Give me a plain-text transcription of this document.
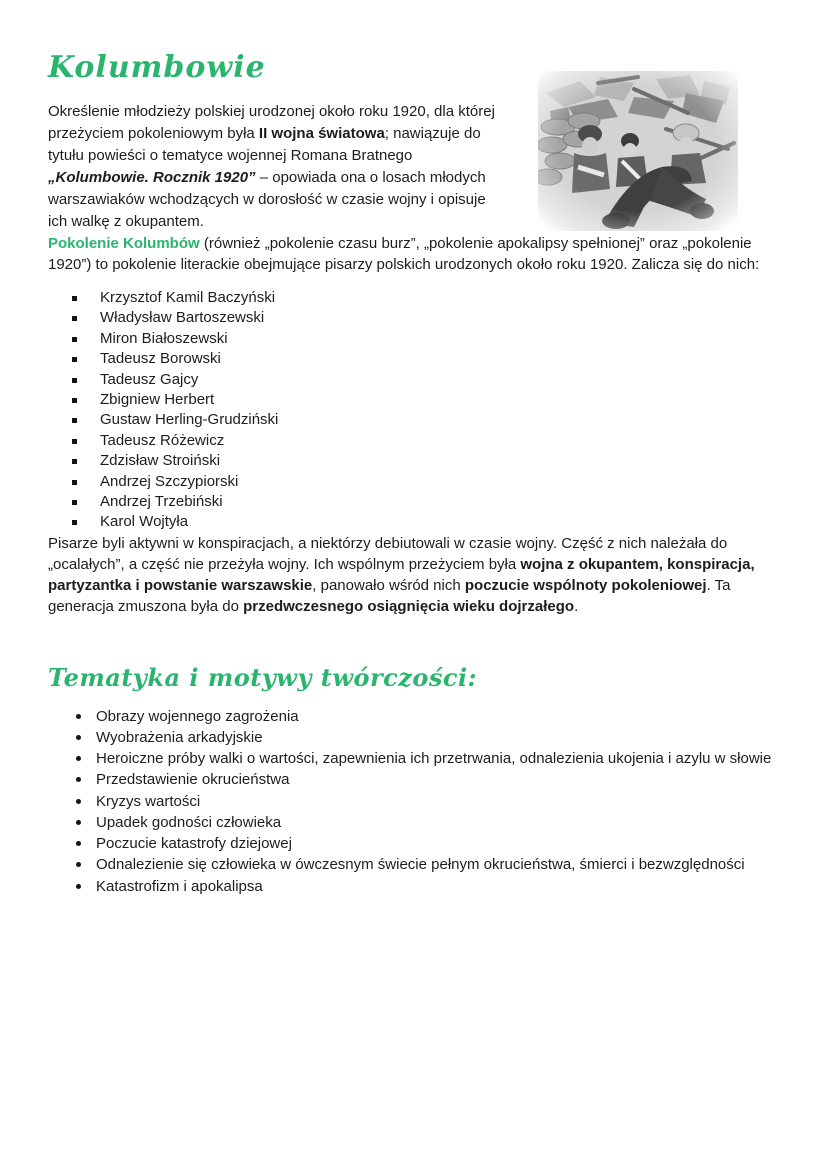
Kolumbowie

Określenie młodzieży polskiej urodzonej około roku 1920, dla której przeżyciem pokoleniowym była II wojna światowa; nawiązuje do tytułu powieści o tematyce wojennej Romana Bratnego „Kolumbowie. Rocznik 1920” – opowiada ona o losach młodych warszawiaków wchodzących w dorosłość w czasie wojny i opisuje ich walkę z okupantem.

Pokolenie Kolumbów (również „pokolenie czasu burz”, „pokolenie apokalipsy spełnionej” oraz „pokolenie 1920”) to pokolenie literackie obejmujące pisarzy polskich urodzonych około roku 1920. Zalicza się do nich:

Krzysztof Kamil Baczyński
Władysław Bartoszewski
Miron Białoszewski
Tadeusz Borowski
Tadeusz Gajcy
Zbigniew Herbert
Gustaw Herling-Grudziński
Tadeusz Różewicz
Zdzisław Stroiński
Andrzej Szczypiorski
Andrzej Trzebiński
Karol Wojtyła

Pisarze byli aktywni w konspiracjach, a niektórzy debiutowali w czasie wojny. Część z nich należała do „ocalałych”, a część nie przeżyła wojny. Ich wspólnym przeżyciem była wojna z okupantem, konspiracja, partyzantka i powstanie warszawskie, panowało wśród nich poczucie wspólnoty pokoleniowej. Ta generacja zmuszona była do przedwczesnego osiągnięcia wieku dojrzałego.

Tematyka i motywy twórczości:
Obrazy wojennego zagrożenia
Wyobrażenia arkadyjskie
Heroiczne próby walki o wartości, zapewnienia ich przetrwania, odnalezienia ukojenia i azylu w słowie
Przedstawienie okrucieństwa
Kryzys wartości
Upadek godności człowieka
Poczucie katastrofy dziejowej
Odnalezienie się człowieka w ówczesnym świecie pełnym okrucieństwa, śmierci i bezwzględności
Katastrofizm i apokalipsa
